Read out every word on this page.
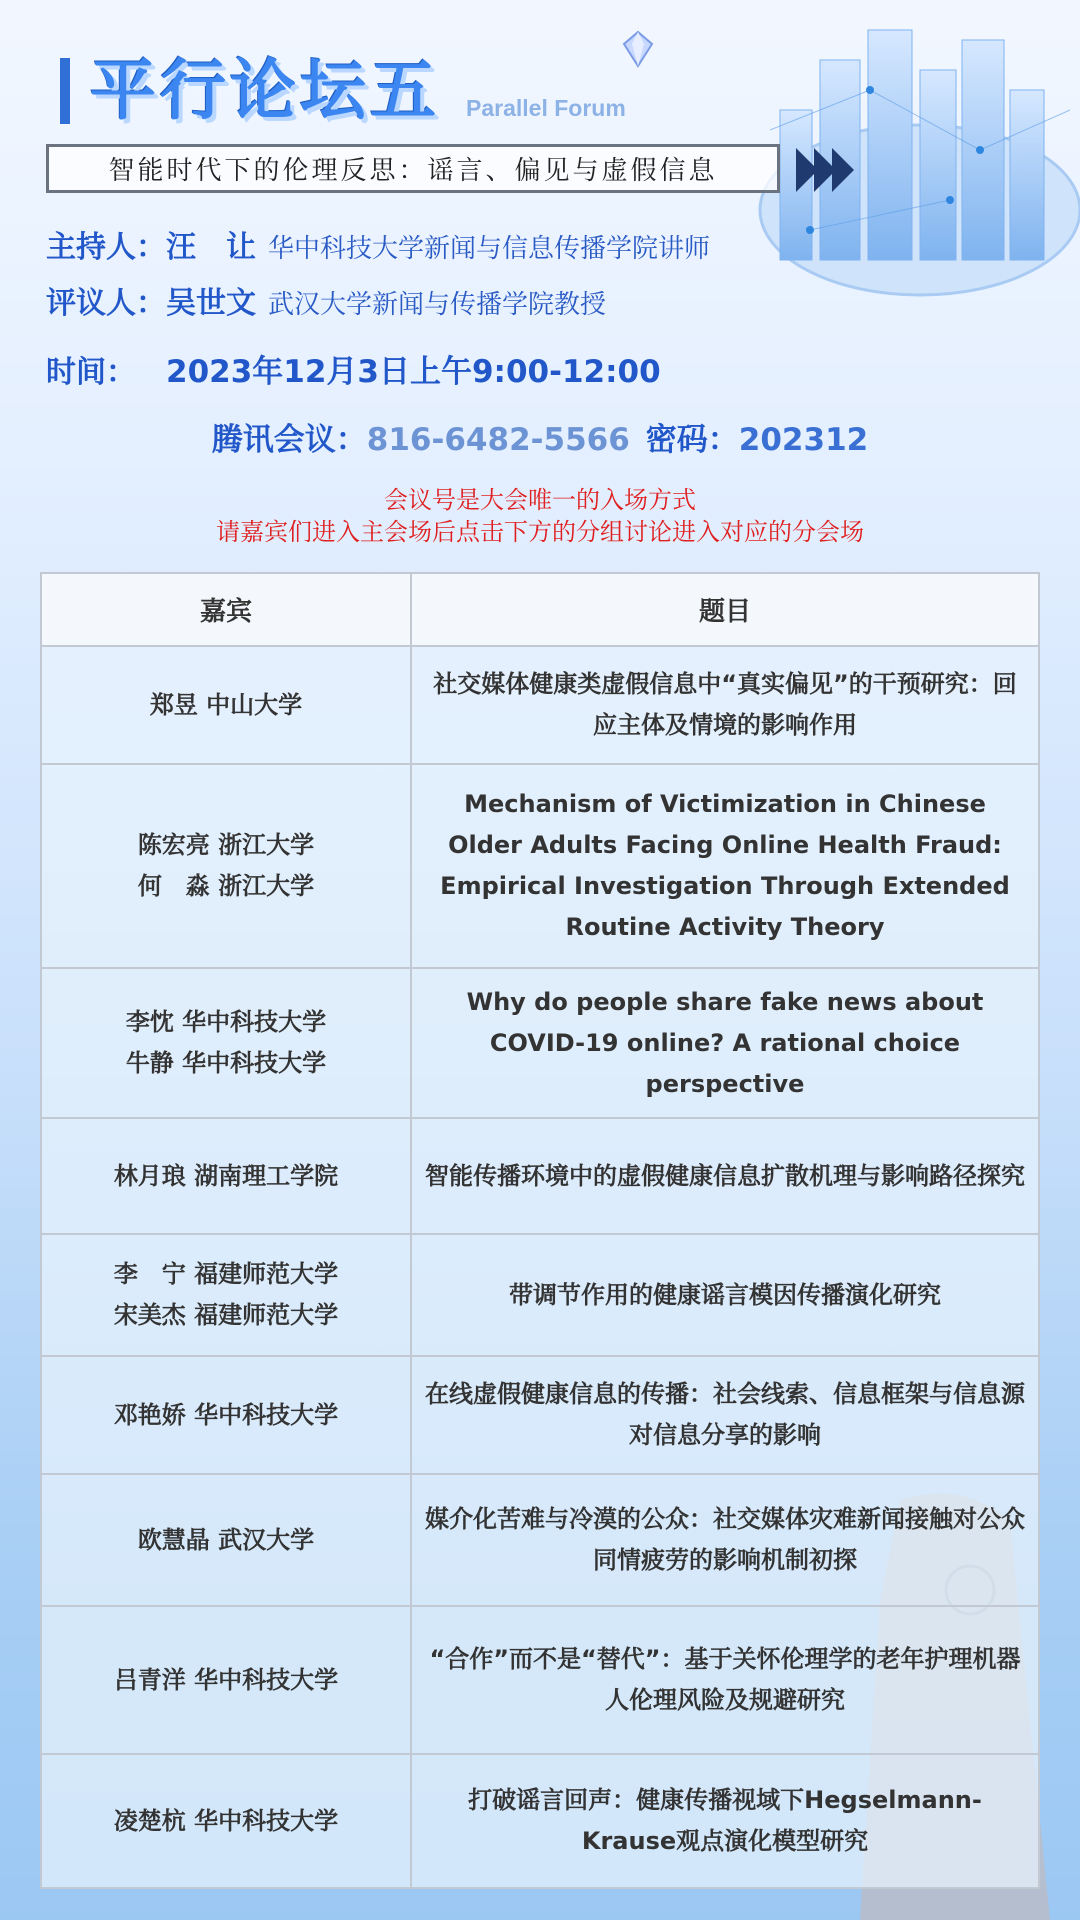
平行论坛五 Parallel Forum
智能时代下的伦理反思：谣言、偏见与虚假信息
主持人： 汪　让 华中科技大学新闻与信息传播学院讲师
评议人： 吴世文 武汉大学新闻与传播学院教授
时间： 2023年12月3日上午9:00-12:00
腾讯会议： 816-6482-5566 密码： 202312
会议号是大会唯一的入场方式
请嘉宾们进入主会场后点击下方的分组讨论进入对应的分会场
嘉宾	题目

郑昱 中山大学	社交媒体健康类虚假信息中“真实偏见”的干预研究：回应主体及情境的影响作用

陈宏亮 浙江大学
何　淼 浙江大学	Mechanism of Victimization in Chinese Older Adults Facing Online Health Fraud: Empirical Investigation Through Extended Routine Activity Theory

李忱 华中科技大学
牛静 华中科技大学	Why do people share fake news about COVID-19 online? A rational choice perspective

林月琅 湖南理工学院	智能传播环境中的虚假健康信息扩散机理与影响路径探究

李　宁 福建师范大学
宋美杰 福建师范大学	带调节作用的健康谣言模因传播演化研究

邓艳娇 华中科技大学	在线虚假健康信息的传播：社会线索、信息框架与信息源对信息分享的影响

欧慧晶 武汉大学	媒介化苦难与冷漠的公众：社交媒体灾难新闻接触对公众同情疲劳的影响机制初探

吕青洋 华中科技大学	“合作”而不是“替代”：基于关怀伦理学的老年护理机器人伦理风险及规避研究

凌楚杭 华中科技大学	打破谣言回声：健康传播视域下Hegselmann-Krause观点演化模型研究
